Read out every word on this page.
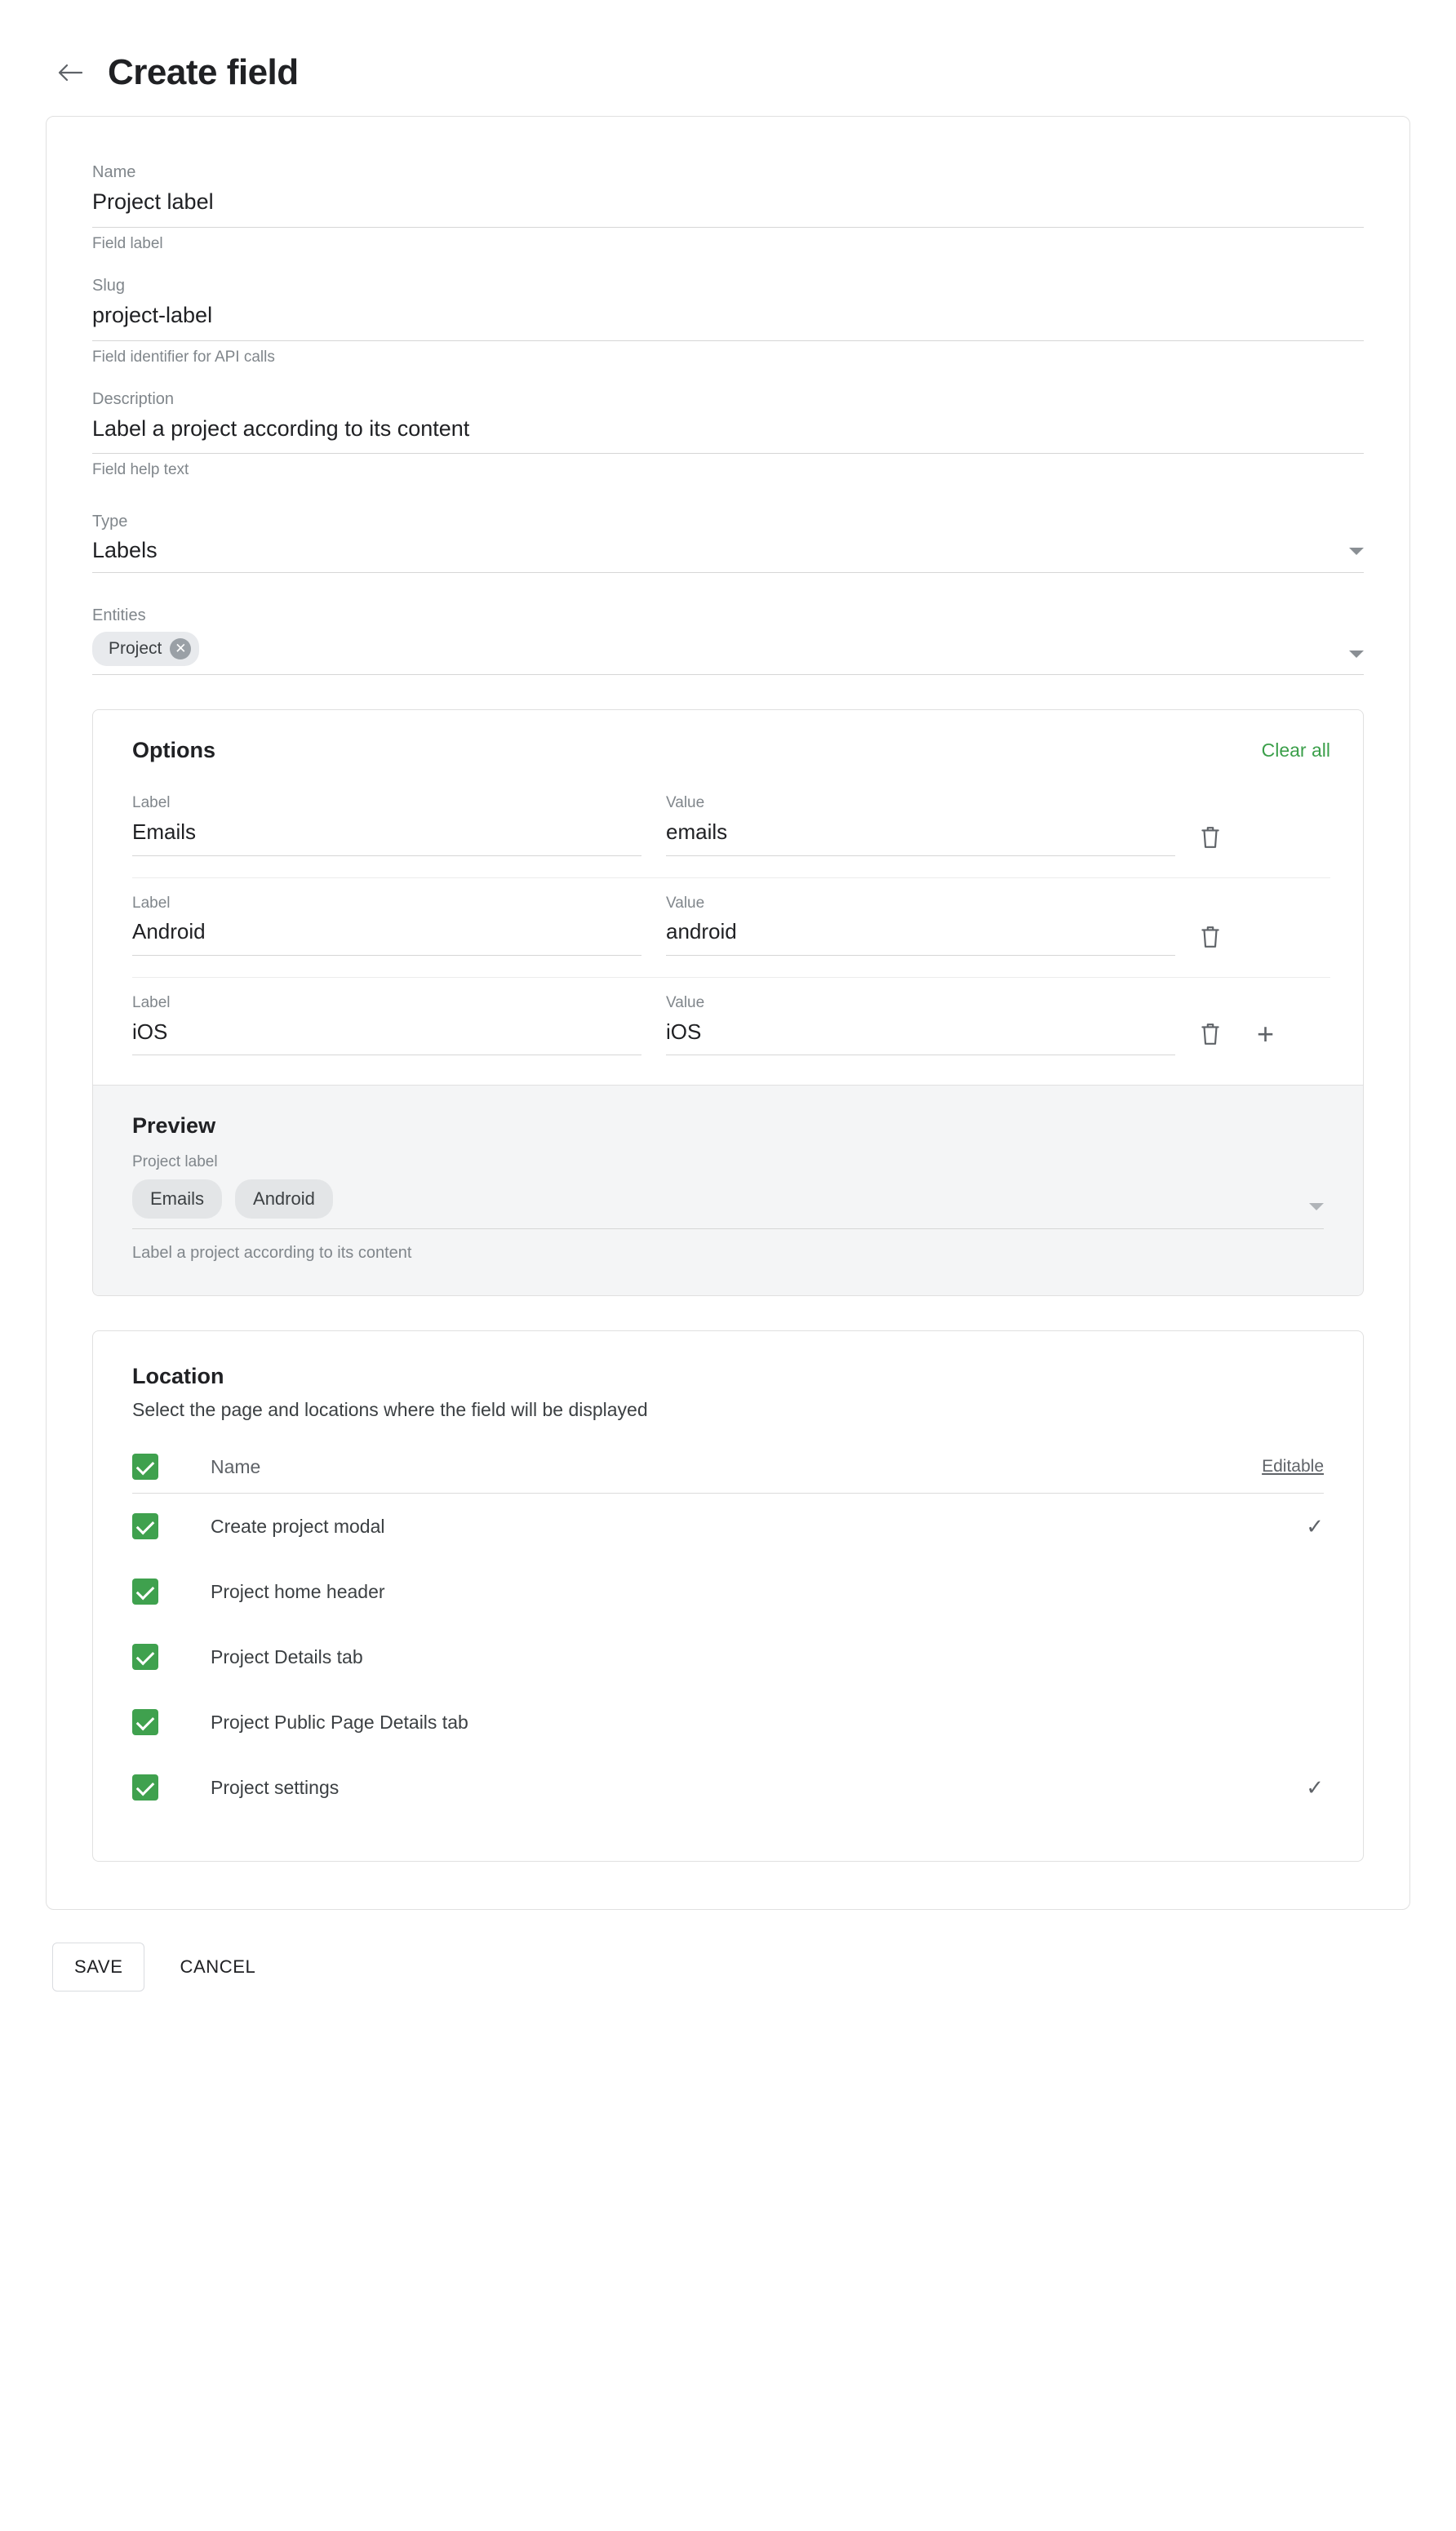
Create field
Name
Project label
Field label
Slug
project-label
Field identifier for API calls
Description
Label a project according to its content
Field help text
Type
Labels
Entities
Project ✕
Options	Clear all
Label
Emails
Value
emails
Label
Android
Value
android
Label
iOS
Value
iOS	+
Preview
Project label
Emails	Android
Label a project according to its content
Location
Select the page and locations where the field will be displayed
Name	Editable
Create project modal	✓
Project home header
Project Details tab
Project Public Page Details tab
Project settings	✓
SAVE	CANCEL
